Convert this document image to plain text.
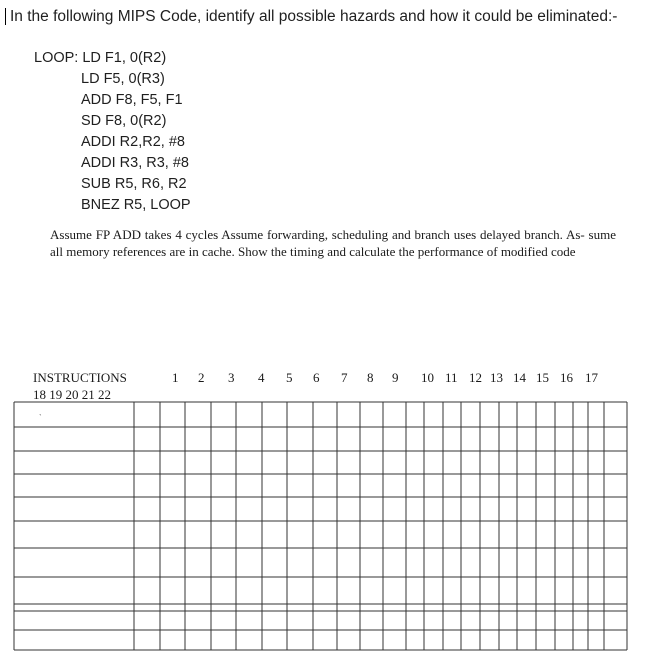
In the following MIPS Code, identify all possible hazards and how it could be eliminated:-
LOOP: LD F1, 0(R2)
LD F5, 0(R3)
ADD F8, F5, F1
SD F8, 0(R2)
ADDI R2,R2, #8
ADDI R3, R3, #8
SUB R5, R6, R2
BNEZ R5, LOOP
Assume FP ADD takes 4 cycles Assume forwarding, scheduling and branch uses delayed branch. As- sume all memory references are in cache. Show the timing and calculate the performance of modified code
INSTRUCTIONS	1 2 3 4 5 6 7 8 9 10 11 12 13 14 15 16 17
18 19 20 21 22
ˋ
